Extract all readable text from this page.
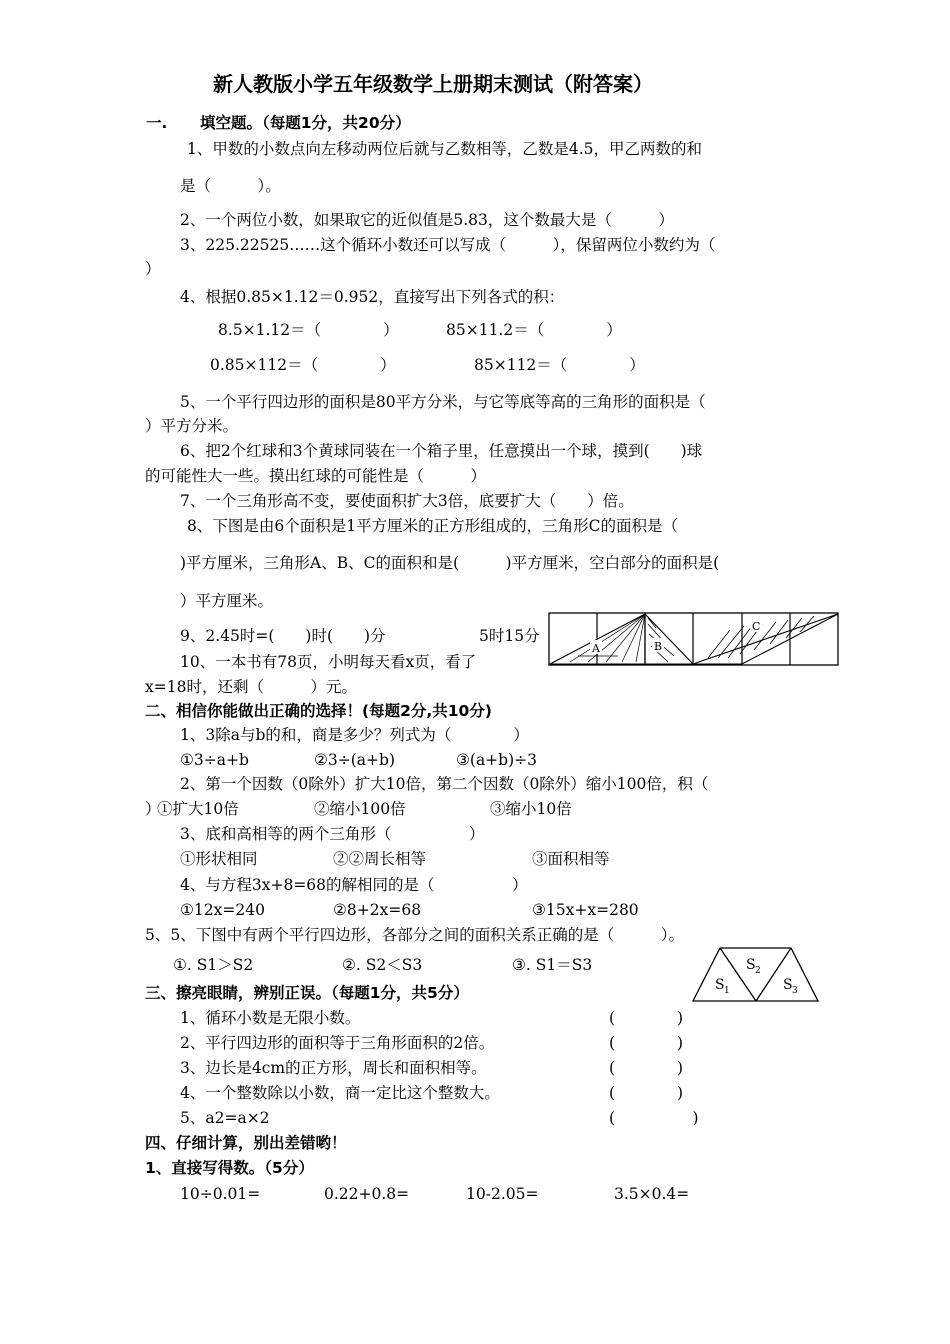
新人教版小学五年级数学上册期末测试（附答案）
一. 填空题。（每题1分，共20分）
1、甲数的小数点向左移动两位后就与乙数相等，乙数是4.5，甲乙两数的和
是（　　　）。
2、一个两位小数，如果取它的近似值是5.83，这个数最大是（　　　）
3、225.22525……这个循环小数还可以写成（　　　），保留两位小数约为（
）
4、根据0.85×1.12＝0.952，直接写出下列各式的积：
8.5×1.12＝（　　　　）	85×11.2＝（　　　　）
0.85×112＝（　　　　）	85×112＝（　　　　）
5、一个平行四边形的面积是80平方分米，与它等底等高的三角形的面积是（
）平方分米。
6、把2个红球和3个黄球同装在一个箱子里，任意摸出一个球，摸到(　　)球
的可能性大一些。摸出红球的可能性是（　　　）
7、一个三角形高不变，要使面积扩大3倍，底要扩大（　　）倍。
8、下图是由6个面积是1平方厘米的正方形组成的，三角形C的面积是（
)平方厘米，三角形A、B、C的面积和是(　　　)平方厘米，空白部分的面积是(
）平方厘米。
9、2.45时=(　　)时(　　)分	5时15分
10、一本书有78页，小明每天看x页，看了
x=18时，还剩（　　　）元。
A	B
C
二、相信你能做出正确的选择！(每题2分,共10分)
1、3除a与b的和，商是多少？列式为（　　　　）
①3÷a+b	②3÷(a+b)	③(a+b)÷3
2、第一个因数（0除外）扩大10倍，第二个因数（0除外）缩小100倍，积（
）
①扩大10倍	②缩小100倍	③缩小10倍
3、底和高相等的两个三角形（　　　　　）
①形状相同	②②周长相等	③面积相等
4、与方程3x+8=68的解相同的是（　　　　　）
①12x=240	②8+2x=68	③15x+x=280
5、5、下图中有两个平行四边形，各部分之间的面积关系正确的是（　　　）。
①. S1＞S2	②. S2＜S3	③. S1＝S3	S 2
S 1	S 3
三、擦亮眼睛，辨别正误。（每题1分，共5分）
1、循环小数是无限小数。	(　　　　)
2、平行四边形的面积等于三角形面积的2倍。	(　　　　)
3、边长是4cm的正方形，周长和面积相等。	(　　　　)
4、一个整数除以小数，商一定比这个整数大。	(　　　　)
5、a2=a×2	(　　　　　)
四、仔细计算，别出差错哟！
1、直接写得数。（5分）
10÷0.01=	0.22+0.8=	10-2.05=	3.5×0.4=
